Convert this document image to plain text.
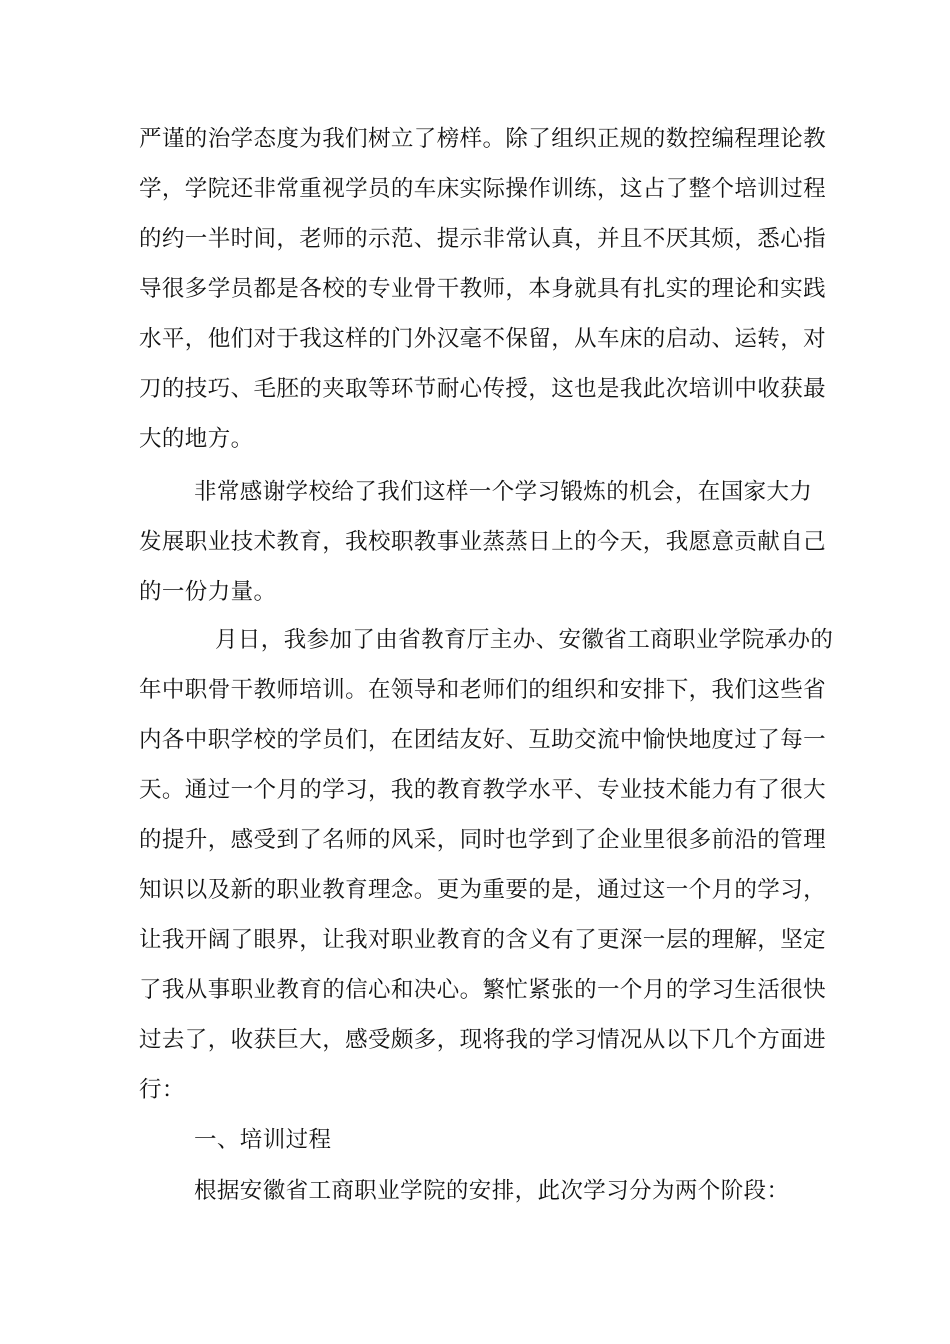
严谨的治学态度为我们树立了榜样。除了组织正规的数控编程理论教
学，学院还非常重视学员的车床实际操作训练，这占了整个培训过程
的约一半时间，老师的示范、提示非常认真，并且不厌其烦，悉心指
导很多学员都是各校的专业骨干教师，本身就具有扎实的理论和实践
水平，他们对于我这样的门外汉毫不保留，从车床的启动、运转，对
刀的技巧、毛胚的夹取等环节耐心传授，这也是我此次培训中收获最
大的地方。
非常感谢学校给了我们这样一个学习锻炼的机会，在国家大力
发展职业技术教育，我校职教事业蒸蒸日上的今天，我愿意贡献自己
的一份力量。
月日，我参加了由省教育厅主办、安徽省工商职业学院承办的
年中职骨干教师培训。在领导和老师们的组织和安排下，我们这些省
内各中职学校的学员们，在团结友好、互助交流中愉快地度过了每一
天。通过一个月的学习，我的教育教学水平、专业技术能力有了很大
的提升，感受到了名师的风采，同时也学到了企业里很多前沿的管理
知识以及新的职业教育理念。更为重要的是，通过这一个月的学习，
让我开阔了眼界，让我对职业教育的含义有了更深一层的理解，坚定
了我从事职业教育的信心和决心。繁忙紧张的一个月的学习生活很快
过去了，收获巨大，感受颇多，现将我的学习情况从以下几个方面进
行：
一、培训过程
根据安徽省工商职业学院的安排，此次学习分为两个阶段：
